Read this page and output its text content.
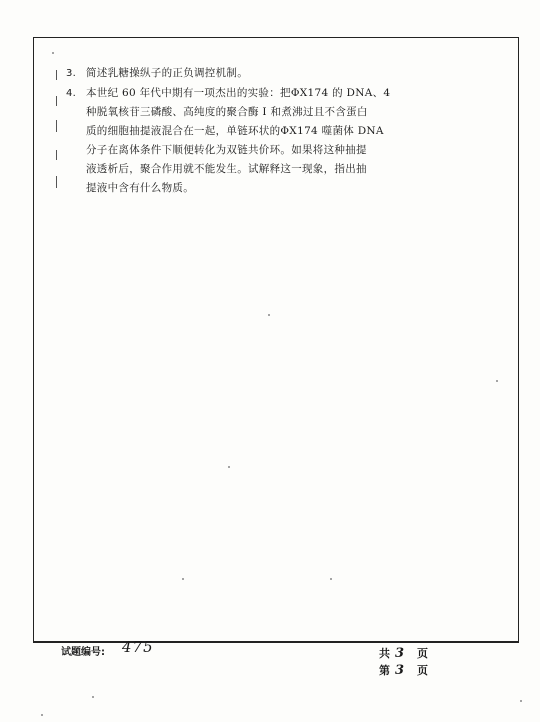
3. 简述乳糖操纵子的正负调控机制。
4. 本世纪 60 年代中期有一项杰出的实验：把ΦX174 的 DNA、4
种脱氧核苷三磷酸、高纯度的聚合酶 I 和煮沸过且不含蛋白
质的细胞抽提液混合在一起，单链环状的ΦX174 噬菌体 DNA
分子在离体条件下顺便转化为双链共价环。如果将这种抽提
液透析后，聚合作用就不能发生。试解释这一现象，指出抽
提液中含有什么物质。
试题编号: 475	共 3 页
第 3 页
